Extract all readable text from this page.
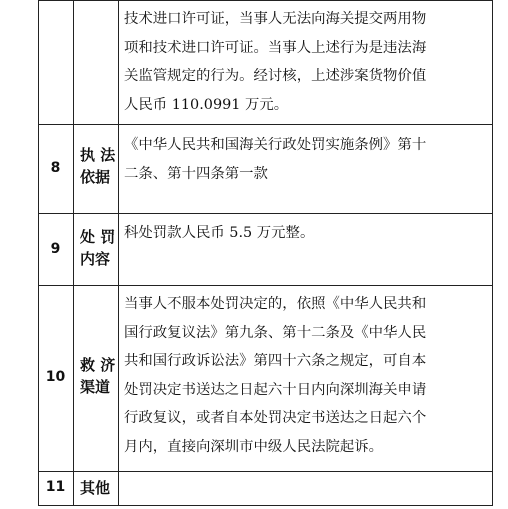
技术进口许可证，当事人无法向海关提交两用物
项和技术进口许可证。当事人上述行为是违法海
关监管规定的行为。经讨核，上述涉案货物价值
人民币 110.0991 万元。
8
执 法
依据
《中华人民共和国海关行政处罚实施条例》第十
二条、第十四条第一款
9
处 罚
内容
科处罚款人民币 5.5 万元整。
10
救 济
渠道
当事人不服本处罚决定的，依照《中华人民共和
国行政复议法》第九条、第十二条及《中华人民
共和国行政诉讼法》第四十六条之规定，可自本
处罚决定书送达之日起六十日内向深圳海关申请
行政复议，或者自本处罚决定书送达之日起六个
月内，直接向深圳市中级人民法院起诉。
11 其他
